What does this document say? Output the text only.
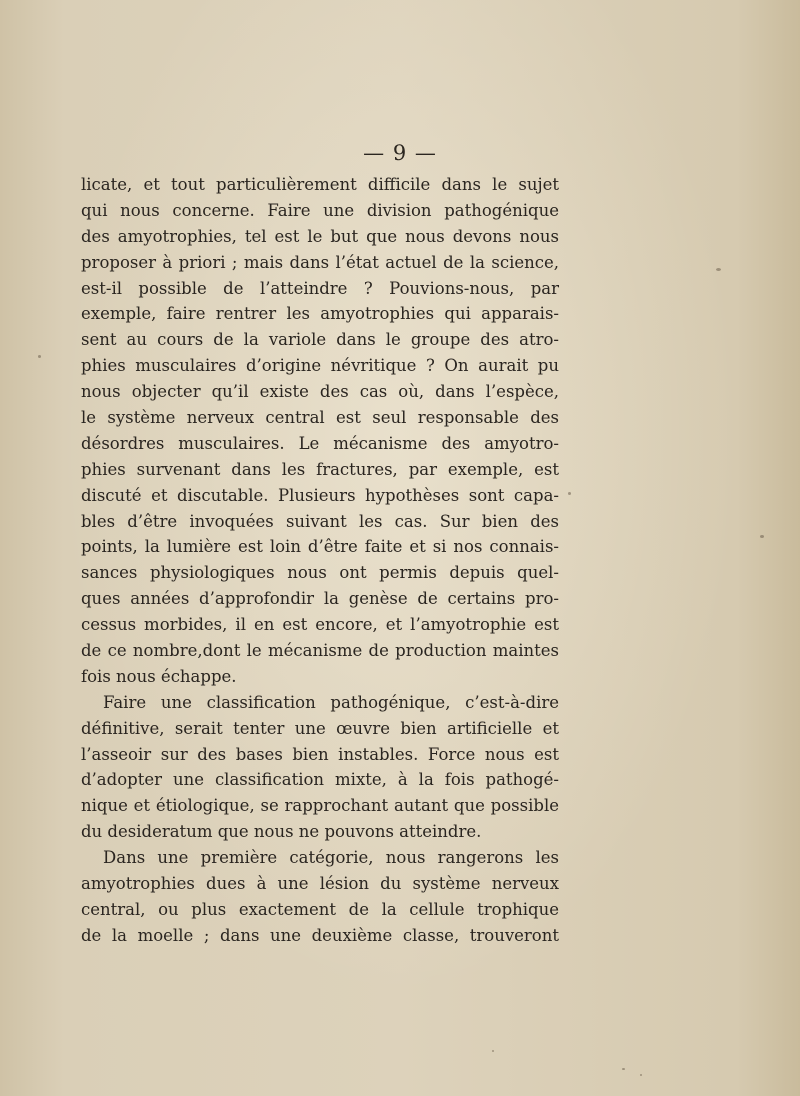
— 9 —
licate, et tout particulièrement difficile dans le sujet
qui nous concerne. Faire une division pathogénique
des amyotrophies, tel est le but que nous devons nous
proposer à priori ; mais dans l’état actuel de la science,
est-il possible de l’atteindre ? Pouvions-nous, par
exemple, faire rentrer les amyotrophies qui apparais-
sent au cours de la variole dans le groupe des atro-
phies musculaires d’origine névritique ? On aurait pu
nous objecter qu’il existe des cas où, dans l’espèce,
le système nerveux central est seul responsable des
désordres musculaires. Le mécanisme des amyotro-
phies survenant dans les fractures, par exemple, est
discuté et discutable. Plusieurs hypothèses sont capa-
bles d’être invoquées suivant les cas. Sur bien des
points, la lumière est loin d’être faite et si nos connais-
sances physiologiques nous ont permis depuis quel-
ques années d’approfondir la genèse de certains pro-
cessus morbides, il en est encore, et l’amyotrophie est
de ce nombre,dont le mécanisme de production maintes
fois nous échappe.
Faire une classification pathogénique, c’est-à-dire
définitive, serait tenter une œuvre bien artificielle et
l’asseoir sur des bases bien instables. Force nous est
d’adopter une classification mixte, à la fois pathogé-
nique et étiologique, se rapprochant autant que possible
du desideratum que nous ne pouvons atteindre.
Dans une première catégorie, nous rangerons les
amyotrophies dues à une lésion du système nerveux
central, ou plus exactement de la cellule trophique
de la moelle ; dans une deuxième classe, trouveront
